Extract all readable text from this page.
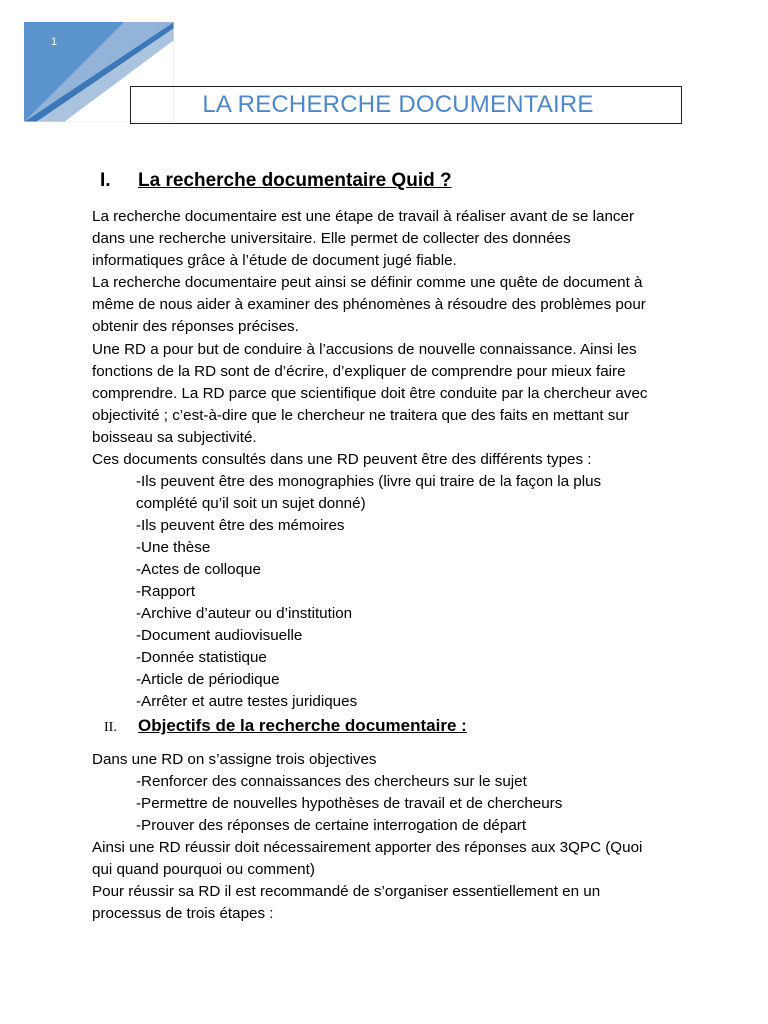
1
LA RECHERCHE DOCUMENTAIRE
I. La recherche documentaire Quid ?
La recherche documentaire est une étape de travail à réaliser avant de se lancer
dans une recherche universitaire. Elle permet de collecter des données
informatiques grâce à l’étude de document jugé fiable.
La recherche documentaire peut ainsi se définir comme une quête de document à
même de nous aider à examiner des phénomènes à résoudre des problèmes pour
obtenir des réponses précises.
Une RD a pour but de conduire à l’accusions de nouvelle connaissance. Ainsi les
fonctions de la RD sont de d’écrire, d’expliquer de comprendre pour mieux faire
comprendre. La RD parce que scientifique doit être conduite par la chercheur avec
objectivité ; c’est-à-dire que le chercheur ne traitera que des faits en mettant sur
boisseau sa subjectivité.
Ces documents consultés dans une RD peuvent être des différents types :
-Ils peuvent être des monographies (livre qui traire de la façon la plus
complété qu’il soit un sujet donné)
-Ils peuvent être des mémoires
-Une thèse
-Actes de colloque
-Rapport
-Archive d’auteur ou d’institution
-Document audiovisuelle
-Donnée statistique
-Article de périodique
-Arrêter et autre testes juridiques
II. Objectifs de la recherche documentaire :
Dans une RD on s’assigne trois objectives
-Renforcer des connaissances des chercheurs sur le sujet
-Permettre de nouvelles hypothèses de travail et de chercheurs
-Prouver des réponses de certaine interrogation de départ
Ainsi une RD réussir doit nécessairement apporter des réponses aux 3QPC (Quoi
qui quand pourquoi ou comment)
Pour réussir sa RD il est recommandé de s’organiser essentiellement en un
processus de trois étapes :
